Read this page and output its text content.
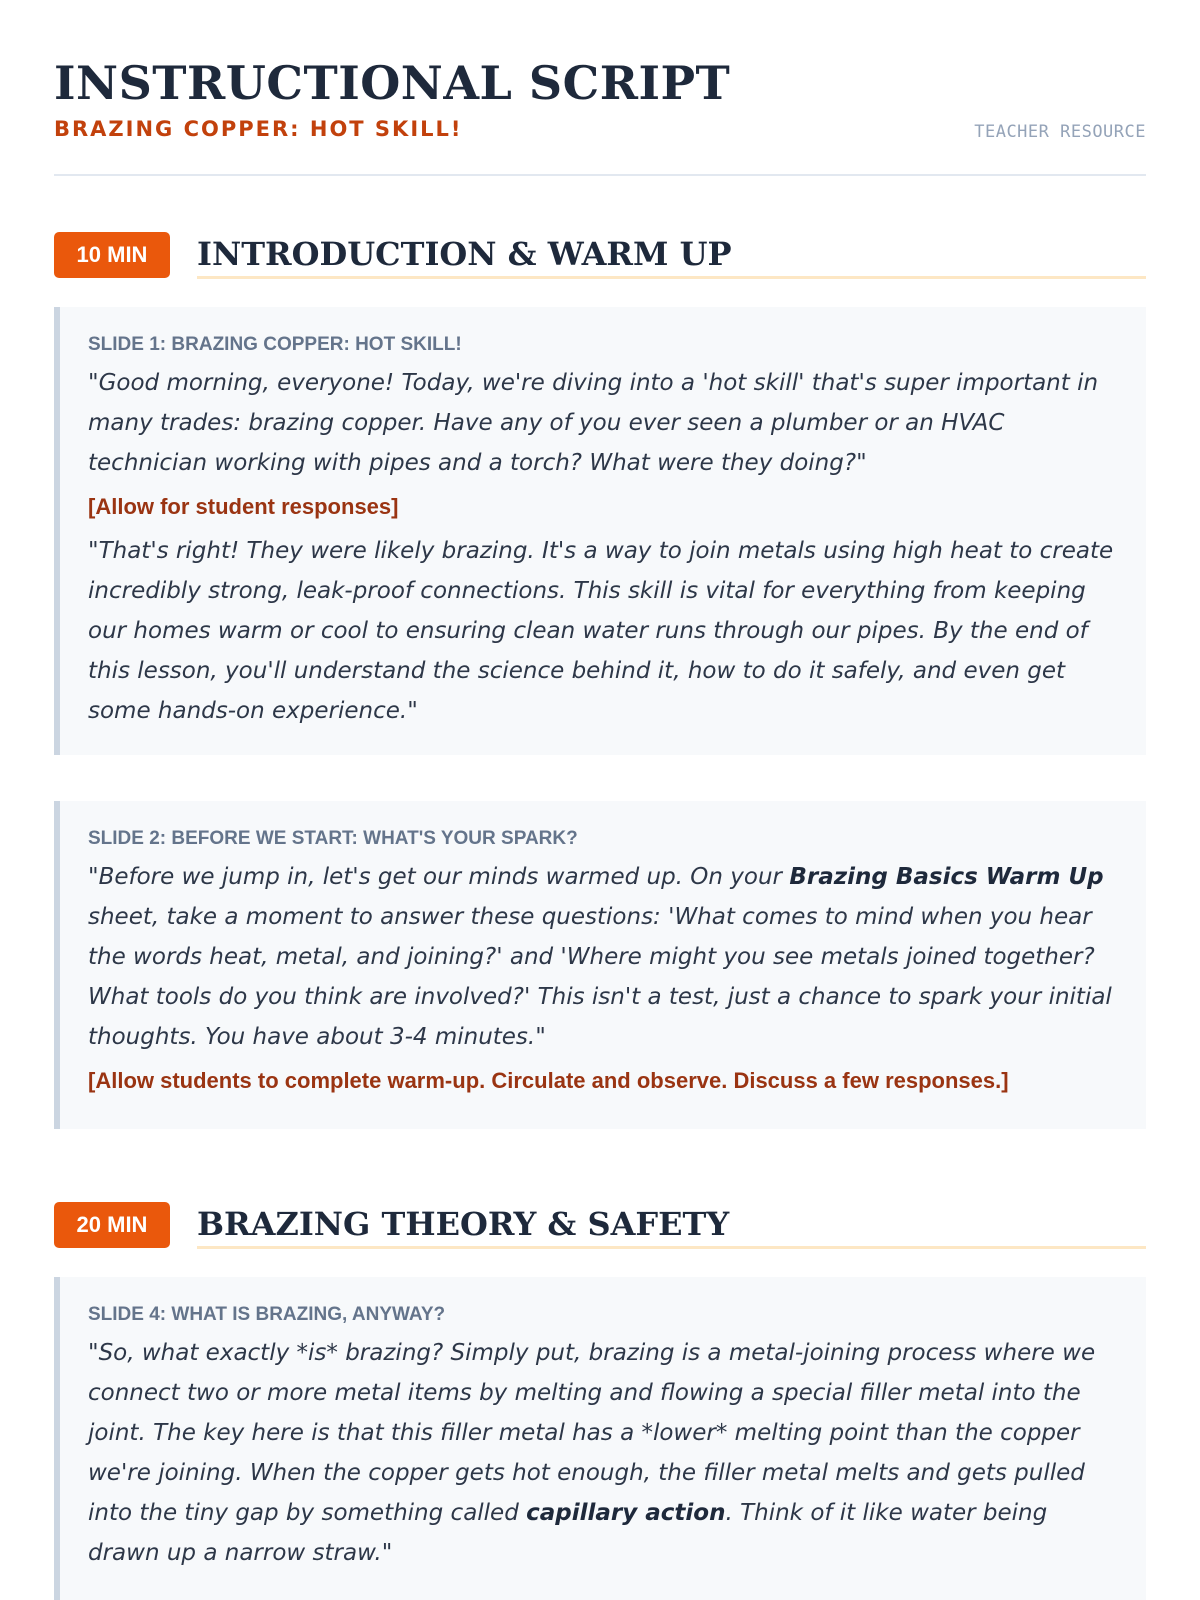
INSTRUCTIONAL SCRIPT
BRAZING COPPER: HOT SKILL!	TEACHER RESOURCE
10 MIN	INTRODUCTION & WARM UP
SLIDE 1: BRAZING COPPER: HOT SKILL!

"Good morning, everyone! Today, we're diving into a 'hot skill' that's super important in many trades: brazing copper. Have any of you ever seen a plumber or an HVAC technician working with pipes and a torch? What were they doing?"

[Allow for student responses]

"That's right! They were likely brazing. It's a way to join metals using high heat to create incredibly strong, leak-proof connections. This skill is vital for everything from keeping our homes warm or cool to ensuring clean water runs through our pipes. By the end of this lesson, you'll understand the science behind it, how to do it safely, and even get some hands-on experience."

SLIDE 2: BEFORE WE START: WHAT'S YOUR SPARK?

"Before we jump in, let's get our minds warmed up. On your Brazing Basics Warm Up sheet, take a moment to answer these questions: 'What comes to mind when you hear the words heat, metal, and joining?' and 'Where might you see metals joined together? What tools do you think are involved?' This isn't a test, just a chance to spark your initial thoughts. You have about 3-4 minutes."

[Allow students to complete warm-up. Circulate and observe. Discuss a few responses.]
20 MIN	BRAZING THEORY & SAFETY
SLIDE 4: WHAT IS BRAZING, ANYWAY?

"So, what exactly *is* brazing? Simply put, brazing is a metal-joining process where we connect two or more metal items by melting and flowing a special filler metal into the joint. The key here is that this filler metal has a *lower* melting point than the copper we're joining. When the copper gets hot enough, the filler metal melts and gets pulled into the tiny gap by something called capillary action. Think of it like water being drawn up a narrow straw."
